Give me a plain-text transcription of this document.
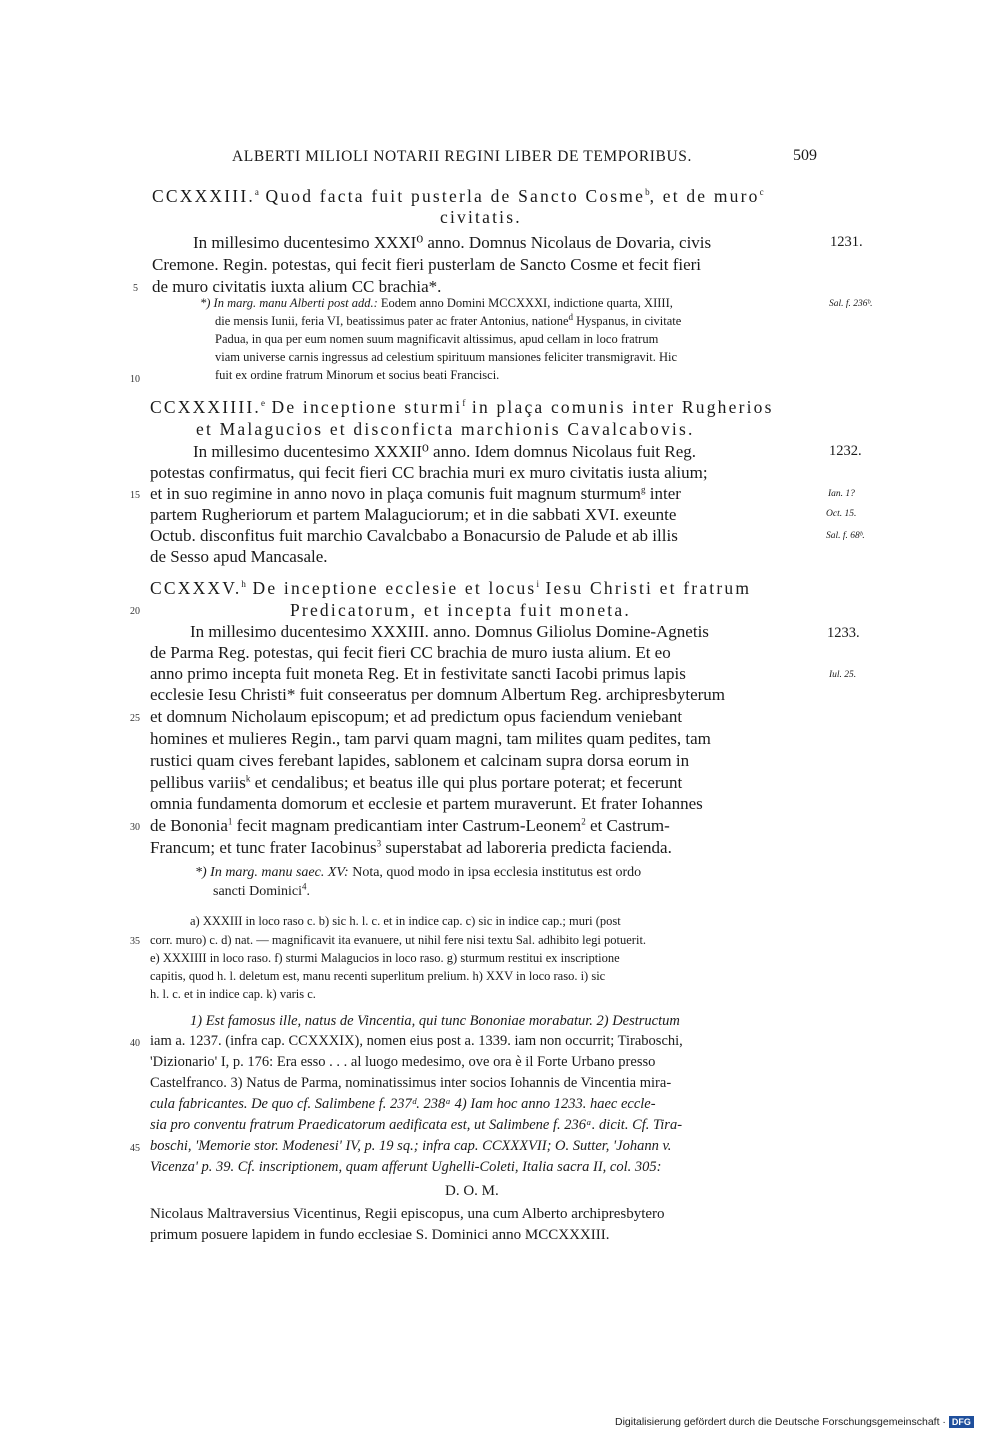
ALBERTI MILIOLI NOTARII REGINI LIBER DE TEMPORIBUS.	509
CCXXXIII.$^a$ Quod facta fuit pusterla de Sancto Cosme$^b$, et de muro$^c$
civitatis.
In millesimo ducentesimo XXXI⁰ anno. Domnus Nicolaus de Dovaria, civis
Cremone. Regin. potestas, qui fecit fieri pusterlam de Sancto Cosme et fecit fieri
de muro civitatis iuxta alium CC brachia*.
1231.
*) In marg. manu Alberti post add.: Eodem anno Domini MCCXXXI, indictione quarta, XIIII,
die mensis Iunii, feria VI, beatissimus pater ac frater Antonius, natione$^d$ Hyspanus, in civitate
Padua, in qua per eum nomen suum magnificavit altissimus, apud cellam in loco fratrum
viam universe carnis ingressus ad celestium spirituum mansiones feliciter transmigravit. Hic
fuit ex ordine fratrum Minorum et socius beati Francisci.
Sal. f. 236ᵇ.
CCXXXIIII.$^e$ De inceptione sturmi$^f$ in plaça comunis inter Rugherios
et Malagucios et disconficta marchionis Cavalcabovis.
In millesimo ducentesimo XXXII⁰ anno. Idem domnus Nicolaus fuit Reg.
potestas confirmatus, qui fecit fieri CC brachia muri ex muro civitatis iusta alium;
et in suo regimine in anno novo in plaça comunis fuit magnum sturmum$^g$ inter
partem Rugheriorum et partem Malaguciorum; et in die sabbati XVI. exeunte
Octub. disconfitus fuit marchio Cavalcbabo a Bonacursio de Palude et ab illis
de Sesso apud Mancasale.
1232.
Ian. 1?
Oct. 15.
Sal. f. 68ᵇ.
CCXXXV.$^h$ De inceptione ecclesie et locus$^i$ Iesu Christi et fratrum
Predicatorum, et incepta fuit moneta.
In millesimo ducentesimo XXXIII. anno. Domnus Giliolus Domine-Agnetis
de Parma Reg. potestas, qui fecit fieri CC brachia de muro iusta alium. Et eo
anno primo incepta fuit moneta Reg. Et in festivitate sancti Iacobi primus lapis
ecclesie Iesu Christi* fuit conseeratus per domnum Albertum Reg. archipresbyterum
et domnum Nicholaum episcopum; et ad predictum opus faciendum veniebant
homines et mulieres Regin., tam parvi quam magni, tam milites quam pedites, tam
rustici quam cives ferebant lapides, sablonem et calcinam supra dorsa eorum in
pellibus variis$^k$ et cendalibus; et beatus ille qui plus portare poterat; et fecerunt
omnia fundamenta domorum et ecclesie et partem muraverunt. Et frater Iohannes
de Bononia$^1$ fecit magnam predicantiam inter Castrum-Leonem$^2$ et Castrum-
Francum; et tunc frater Iacobinus$^3$ superstabat ad laboreria predicta facienda.
1233.
Iul. 25.
*) In marg. manu saec. XV: Nota, quod modo in ipsa ecclesia institutus est ordo
sancti Dominici$^4$.
a) XXXIII in loco raso c. b) sic h. l. c. et in indice cap. c) sic in indice cap.; muri (post
corr. muro) c. d) nat. — magnificavit ita evanuere, ut nihil fere nisi textu Sal. adhibito legi potuerit.
e) XXXIIII in loco raso. f) sturmi Malagucios in loco raso. g) sturmum restitui ex inscriptione
capitis, quod h. l. deletum est, manu recenti superlitum prelium. h) XXV in loco raso. i) sic
h. l. c. et in indice cap. k) varis c.
1) Est famosus ille, natus de Vincentia, qui tunc Bononiae morabatur. 2) Destructum
iam a. 1237. (infra cap. CCXXXIX), nomen eius post a. 1339. iam non occurrit; Tiraboschi,
'Dizionario' I, p. 176: Era esso . . . al luogo medesimo, ove ora è il Forte Urbano presso
Castelfranco. 3) Natus de Parma, nominatissimus inter socios Iohannis de Vincentia mira-
cula fabricantes. De quo cf. Salimbene f. 237ᵈ. 238ᵃ 4) Iam hoc anno 1233. haec eccle-
sia pro conventu fratrum Praedicatorum aedificata est, ut Salimbene f. 236ᵃ. dicit. Cf. Tira-
boschi, 'Memorie stor. Modenesi' IV, p. 19 sq.; infra cap. CCXXXVII; O. Sutter, 'Johann v.
Vicenza' p. 39. Cf. inscriptionem, quam afferunt Ughelli-Coleti, Italia sacra II, col. 305:
D. O. M.
Nicolaus Maltraversius Vicentinus, Regii episcopus, una cum Alberto archipresbytero
primum posuere lapidem in fundo ecclesiae S. Dominici anno MCCXXXIII.
5
10
15
20
25
30
35
40
45
Digitalisierung gefördert durch die Deutsche Forschungsgemeinschaft · DFG
